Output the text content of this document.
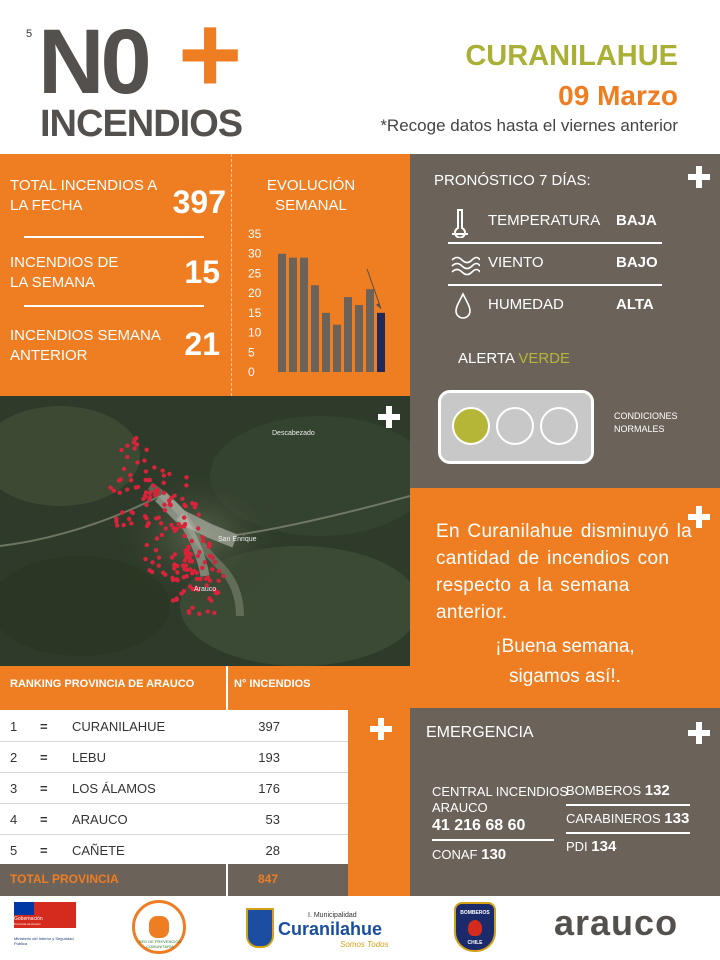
5 N0 +
INCENDIOS
CURANILAHUE
09 Marzo
*Recoge datos hasta el viernes anterior
TOTAL INCENDIOS A LA FECHA	397
INCENDIOS DE LA SEMANA	15
INCENDIOS SEMANA ANTERIOR	21
EVOLUCIÓN SEMANAL
35
30
25
20
15
10
5
0
PRONÓSTICO 7 DÍAS:
TEMPERATURA BAJA
VIENTO	BAJO
HUMEDAD	ALTA
ALERTA VERDE
CONDICIONES NORMALES
Descabezado
San Enrique
Arauco
En Curanilahue disminuyó la cantidad de incendios con respecto a la semana anterior.
¡Buena semana,
sigamos así!.
RANKING PROVINCIA DE ARAUCO	N° INCENDIOS
1 = CURANILAHUE	397
2 = LEBU	193
3 = LOS ÁLAMOS	176
4 = ARAUCO	53
5 = CAÑETE	28
TOTAL PROVINCIA	847
EMERGENCIA
CENTRAL INCENDIOS
ARAUCO
41 216 68 60
CONAF 130
BOMBEROS 132
CARABINEROS 133
PDI 134
Gobernación
Provincia de Arauco
Ministerio del Interior y Seguridad Pública	RED DE PREVENCIÓN COMUNITARIA
I. Municipalidad
Curanilahue
Somos Todos
BOMBEROS
CHILE	arauco
